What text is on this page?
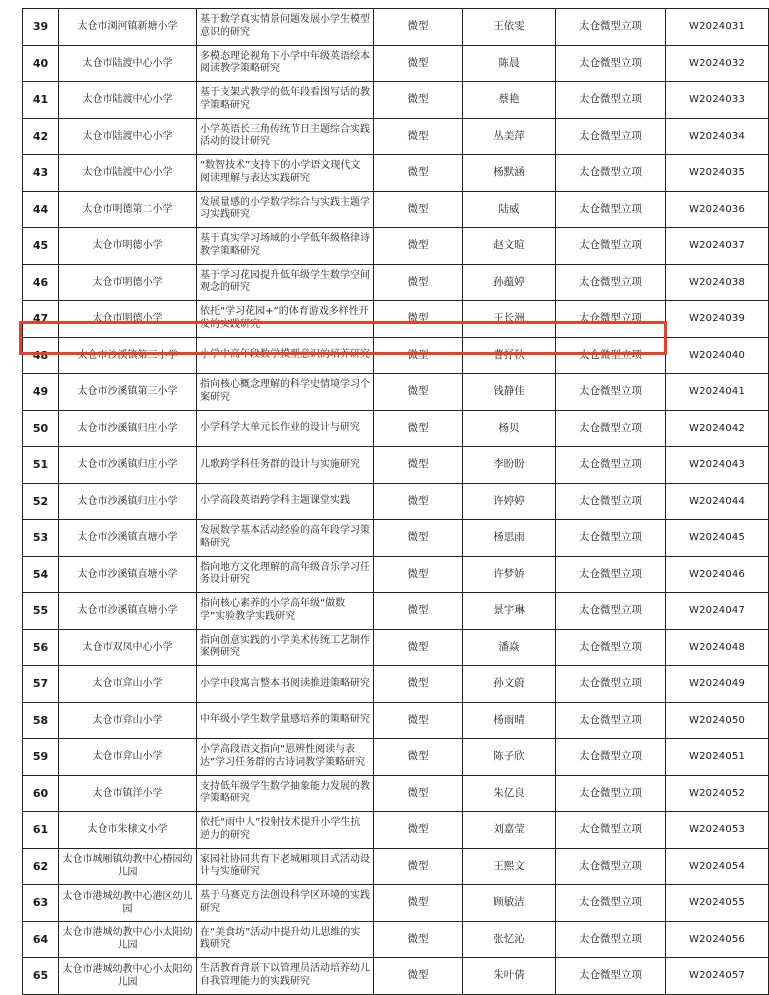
39	太仓市浏河镇新塘小学	基于数学真实情景问题发展小学生模型意识的研究	微型	王依雯	太仓微型立项	W2024031
40	太仓市陆渡中心小学	多模态理论视角下小学中年级英语绘本阅读教学策略研究	微型	陈晨	太仓微型立项	W2024032
41	太仓市陆渡中心小学	基于支架式教学的低年段看图写话的教学策略研究	微型	蔡艳	太仓微型立项	W2024033
42	太仓市陆渡中心小学	小学英语长三角传统节日主题综合实践活动的设计研究	微型	丛美萍	太仓微型立项	W2024034
43	太仓市陆渡中心小学	“数智技术”支持下的小学语文现代文阅读理解与表达实践研究	微型	杨默涵	太仓微型立项	W2024035
44	太仓市明德第二小学	发展量感的小学数学综合与实践主题学习实践研究	微型	陆威	太仓微型立项	W2024036
45	太仓市明德小学	基于真实学习场域的小学低年级格律诗教学策略研究	微型	赵文暄	太仓微型立项	W2024037
46	太仓市明德小学	基于学习花园提升低年级学生数学空间观念的研究	微型	孙蕴婷	太仓微型立项	W2024038
47	太仓市明德小学	依托“学习花园+”的体育游戏多样性开发的实践研究	微型	王长洲	太仓微型立项	W2024039
48	太仓市沙溪镇第三小学	小学中高年段数学模型意识的培养研究	微型	曹抒秋	太仓微型立项	W2024040
49	太仓市沙溪镇第三小学	指向核心概念理解的科学史情境学习个案研究	微型	钱静佳	太仓微型立项	W2024041
50	太仓市沙溪镇归庄小学	小学科学大单元长作业的设计与研究	微型	杨贝	太仓微型立项	W2024042
51	太仓市沙溪镇归庄小学	儿歌跨学科任务群的设计与实施研究	微型	李盼盼	太仓微型立项	W2024043
52	太仓市沙溪镇归庄小学	小学高段英语跨学科主题课堂实践	微型	许婷婷	太仓微型立项	W2024044
53	太仓市沙溪镇直塘小学	发展数学基本活动经验的高年段学习策略研究	微型	杨思雨	太仓微型立项	W2024045
54	太仓市沙溪镇直塘小学	指向地方文化理解的高年级音乐学习任务设计研究	微型	许梦娇	太仓微型立项	W2024046
55	太仓市沙溪镇直塘小学	指向核心素养的小学高年级“做数学”实验教学实践研究	微型	景宇琳	太仓微型立项	W2024047
56	太仓市双凤中心小学	指向创意实践的小学美术传统工艺制作案例研究	微型	潘焱	太仓微型立项	W2024048
57	太仓市弇山小学	小学中段寓言整本书阅读推进策略研究	微型	孙文蔚	太仓微型立项	W2024049
58	太仓市弇山小学	中年级小学生数学量感培养的策略研究	微型	杨雨晴	太仓微型立项	W2024050
59	太仓市弇山小学	小学高段语文指向“思辨性阅读与表达”学习任务群的古诗词教学策略研究	微型	陈子欣	太仓微型立项	W2024051
60	太仓市镇洋小学	支持低年级学生数学抽象能力发展的教学策略研究	微型	朱亿良	太仓微型立项	W2024052
61	太仓市朱棣文小学	依托“雨中人”投射技术提升小学生抗逆力的研究	微型	刘嘉莹	太仓微型立项	W2024053
62	太仓市城厢镇幼教中心椿园幼儿园	家园社协同共育下老城厢项目式活动设计与实施研究	微型	王熙文	太仓微型立项	W2024054
63	太仓市港城幼教中心港区幼儿园	基于马赛克方法创设科学区环境的实践研究	微型	顾敏洁	太仓微型立项	W2024055
64	太仓市港城幼教中心小太阳幼儿园	在“美食坊”活动中提升幼儿思维的实践研究	微型	张忆沁	太仓微型立项	W2024056
65	太仓市港城幼教中心小太阳幼儿园	生活教育背景下以管理员活动培养幼儿自我管理能力的实践研究	微型	朱叶倩	太仓微型立项	W2024057
